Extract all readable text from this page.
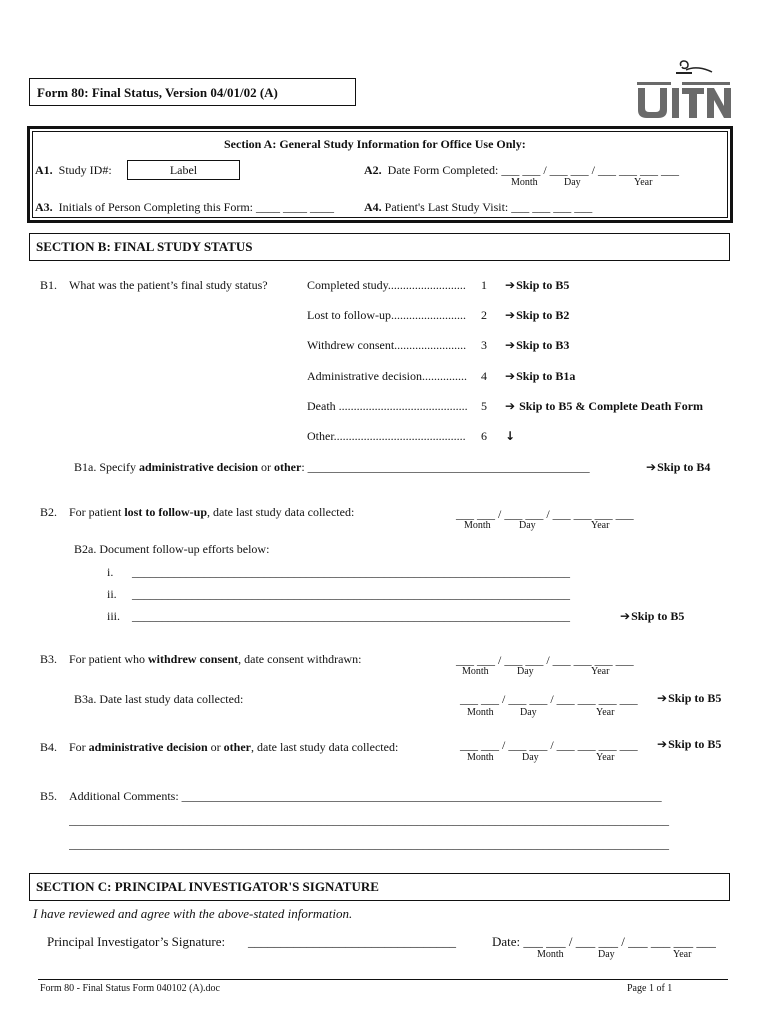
Form 80: Final Status, Version 04/01/02 (A)
UITN
Section A: General Study Information for Office Use Only:
A1. Study ID#:	Label	A2. Date Form Completed: ___ ___ / ___ ___ / ___ ___ ___ ___
Month	Day	Year
A3. Initials of Person Completing this Form: ____ ____ ____ A4. Patient's Last Study Visit: ___ ___ ___ ___
SECTION B: FINAL STUDY STATUS
B1. What was the patient’s final study status?	Completed study.......................... 1 ➔Skip to B5
Lost to follow-up......................... 2 ➔Skip to B2
Withdrew consent........................ 3 ➔Skip to B3
Administrative decision............... 4 ➔Skip to B1a
Death ........................................... 5 ➔ Skip to B5 & Complete Death Form
Other............................................ 6 ↓
B1a. Specify administrative decision or other: _______________________________________________	➔Skip to B4
B2. For patient lost to follow-up, date last study data collected:	___ ___ / ___ ___ / ___ ___ ___ ___
Month	Day	Year
B2a. Document follow-up efforts below:
i. _________________________________________________________________________
ii. _________________________________________________________________________
iii. _________________________________________________________________________	➔Skip to B5
B3. For patient who withdrew consent, date consent withdrawn:	___ ___ / ___ ___ / ___ ___ ___ ___
Month	Day	Year
B3a. Date last study data collected:	___ ___ / ___ ___ / ___ ___ ___ ___
Month	Day	Year
➔Skip to B5
B4. For administrative decision or other, date last study data collected:	___ ___ / ___ ___ / ___ ___ ___ ___
Month	Day	Year
➔Skip to B5
B5. Additional Comments: ________________________________________________________________________________
____________________________________________________________________________________________________
____________________________________________________________________________________________________
SECTION C: PRINCIPAL INVESTIGATOR'S SIGNATURE
I have reviewed and agree with the above-stated information.
Principal Investigator’s Signature: ________________________________	Date: ___ ___ / ___ ___ / ___ ___ ___ ___
Month	Day	Year
Form 80 - Final Status Form 040102 (A).doc	Page 1 of 1
